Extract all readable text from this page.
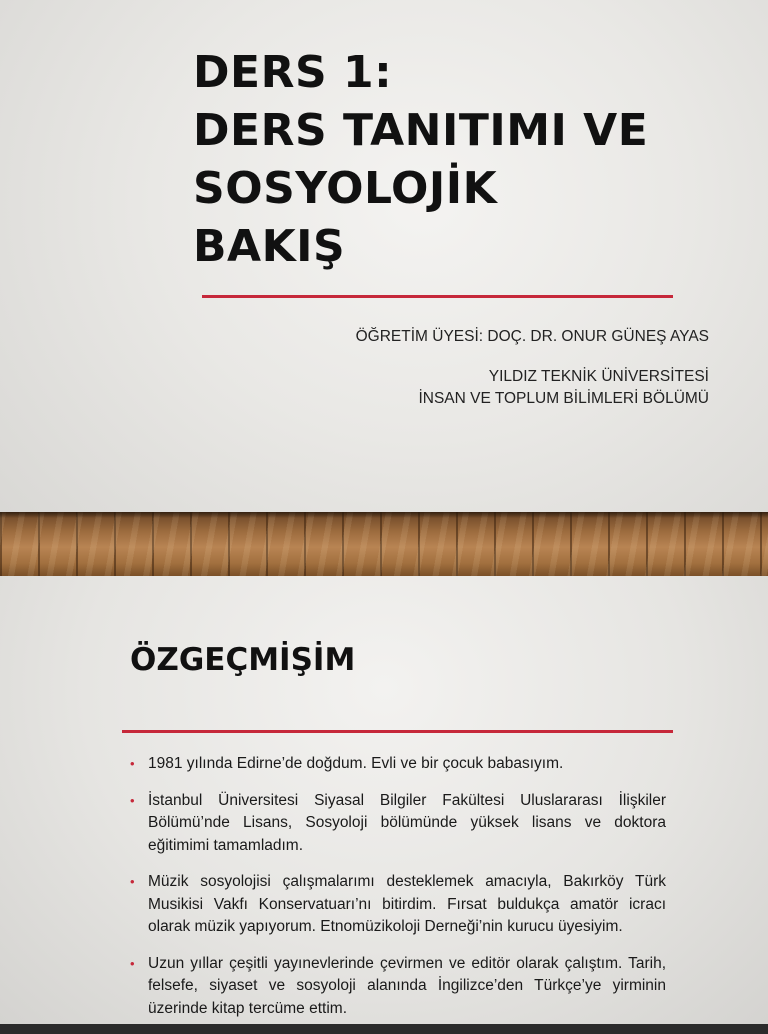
DERS 1:
DERS TANITIMI VE
SOSYOLOJİK
BAKIŞ
ÖĞRETİM ÜYESİ: DOÇ. DR. ONUR GÜNEŞ AYAS
YILDIZ TEKNİK ÜNİVERSİTESİ
İNSAN VE TOPLUM BİLİMLERİ BÖLÜMÜ
ÖZGEÇMİŞİM
• 1981 yılında Edirne’de doğdum. Evli ve bir çocuk babasıyım.
• İstanbul Üniversitesi Siyasal Bilgiler Fakültesi Uluslararası İlişkiler Bölümü’nde Lisans, Sosyoloji bölümünde yüksek lisans ve doktora eğitimimi tamamladım.
• Müzik sosyolojisi çalışmalarımı desteklemek amacıyla, Bakırköy Türk Musikisi Vakfı Konservatuarı’nı bitirdim. Fırsat buldukça amatör icracı olarak müzik yapıyorum. Etnomüzikoloji Derneği’nin kurucu üyesiyim.
• Uzun yıllar çeşitli yayınevlerinde çevirmen ve editör olarak çalıştım. Tarih, felsefe, siyaset ve sosyoloji alanında İngilizce’den Türkçe’ye yirminin üzerinde kitap tercüme ettim.
